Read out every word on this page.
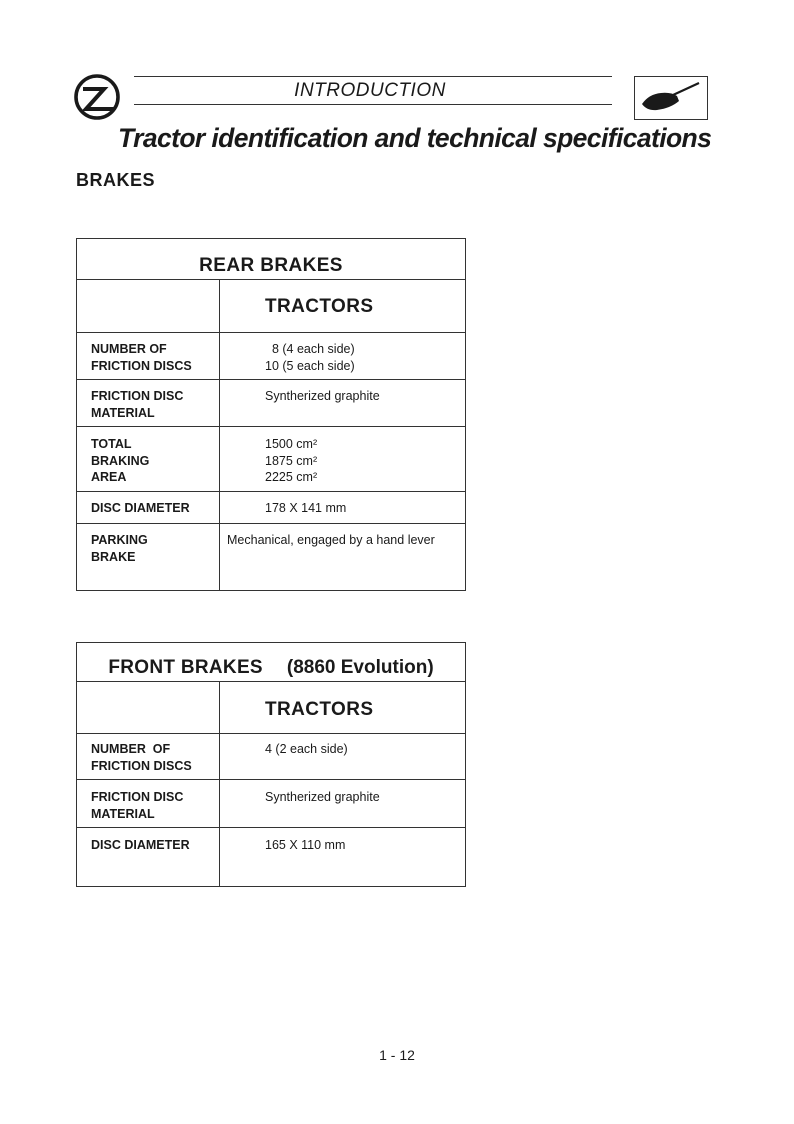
INTRODUCTION
Tractor identification and technical specifications
BRAKES
REAR BRAKES
TRACTORS
NUMBER OF
FRICTION DISCS
8 (4 each side)
10 (5 each side)
FRICTION DISC
MATERIAL
Syntherized graphite
TOTAL
BRAKING
AREA
1500 cm²
1875 cm²
2225 cm²
DISC DIAMETER	178 X 141 mm
PARKING
BRAKE
Mechanical, engaged by a hand lever
FRONT BRAKES (8860 Evolution)
TRACTORS
NUMBER  OF
FRICTION DISCS
4 (2 each side)
FRICTION DISC
MATERIAL
Syntherized graphite
DISC DIAMETER	165 X 110 mm
1 - 12
